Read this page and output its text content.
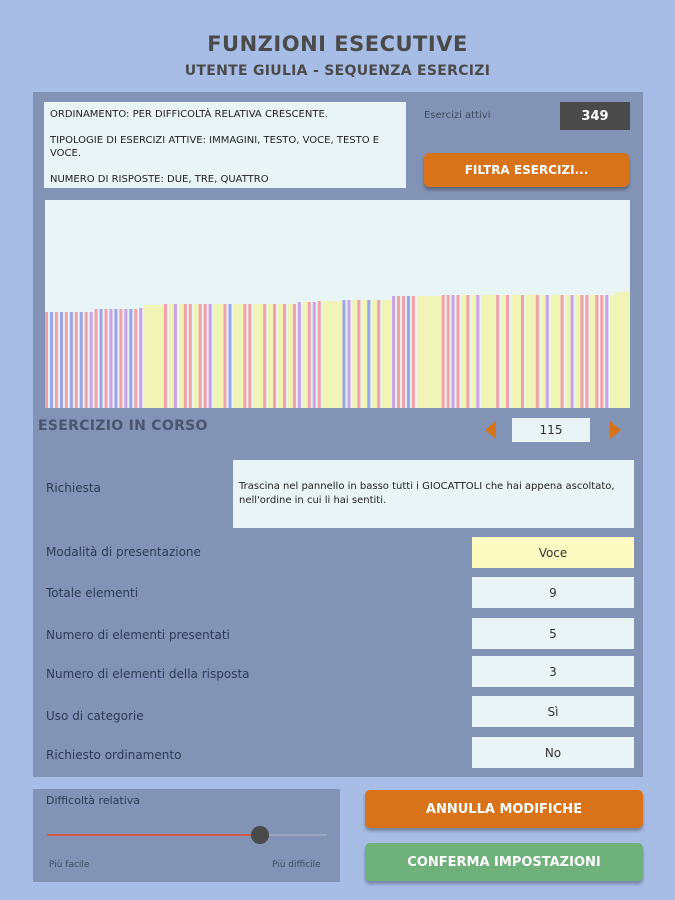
FUNZIONI ESECUTIVE
UTENTE GIULIA - SEQUENZA ESERCIZI

ORDINAMENTO: PER DIFFICOLTÀ RELATIVA CRESCENTE.

TIPOLOGIE DI ESERCIZI ATTIVE: IMMAGINI, TESTO, VOCE, TESTO E VOCE.

NUMERO DI RISPOSTE: DUE, TRE, QUATTRO

Esercizi attivi	349
FILTRA ESERCIZI...
ESERCIZIO IN CORSO	115
Richiesta	Trascina nel pannello in basso tutti i GIOCATTOLI che hai appena ascoltato, nell'ordine in cui li hai sentiti.
Modalità di presentazione	Voce
Totale elementi	9
Numero di elementi presentati	5
Numero di elementi della risposta	3
Uso di categorie	Sì
Richiesto ordinamento	No
Difficoltà relativa
Più facile	Più difficile
ANNULLA MODIFICHE
CONFERMA IMPOSTAZIONI
